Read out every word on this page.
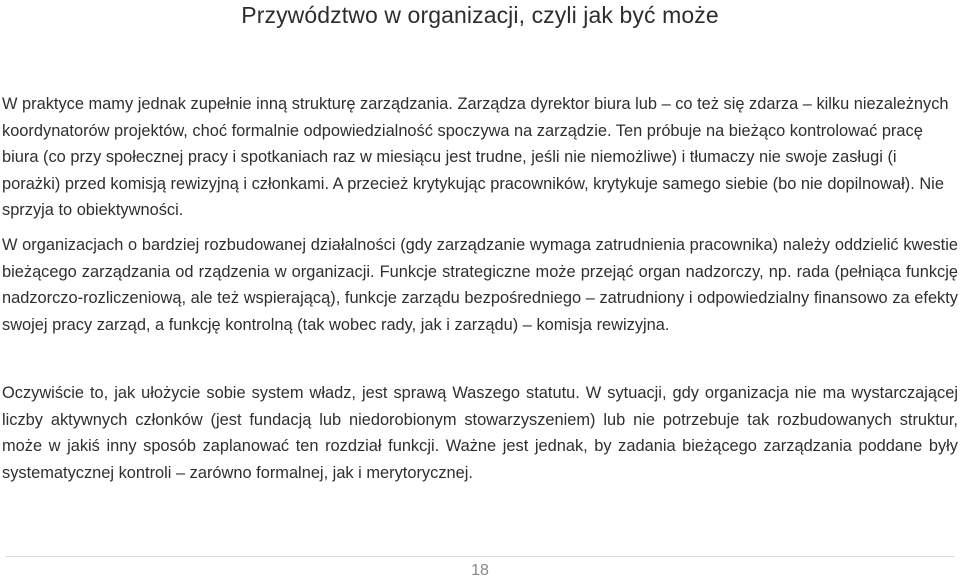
Przywództwo w organizacji, czyli jak być może

W praktyce mamy jednak zupełnie inną strukturę zarządzania. Zarządza dyrektor biura lub – co też się zdarza – kilku niezależnych koordynatorów projektów, choć formalnie odpowiedzialność spoczywa na zarządzie. Ten próbuje na bieżąco kontrolować pracę biura (co przy społecznej pracy i spotkaniach raz w miesiącu jest trudne, jeśli nie niemożliwe) i tłumaczy nie swoje zasługi (i porażki) przed komisją rewizyjną i członkami. A przecież krytykując pracowników, krytykuje samego siebie (bo nie dopilnował). Nie sprzyja to obiektywności.

W organizacjach o bardziej rozbudowanej działalności (gdy zarządzanie wymaga zatrudnienia pracownika) należy oddzielić kwestie bieżącego zarządzania od rządzenia w organizacji. Funkcje strategiczne może przejąć organ nadzorczy, np. rada (pełniąca funkcję nadzorczo-rozliczeniową, ale też wspierającą), funkcje zarządu bezpośredniego – zatrudniony i odpowiedzialny finansowo za efekty swojej pracy zarząd, a funkcję kontrolną (tak wobec rady, jak i zarządu) – komisja rewizyjna.

Oczywiście to, jak ułożycie sobie system władz, jest sprawą Waszego statutu. W sytuacji, gdy organizacja nie ma wystarczającej liczby aktywnych członków (jest fundacją lub niedorobionym stowarzyszeniem) lub nie potrzebuje tak rozbudowanych struktur, może w jakiś inny sposób zaplanować ten rozdział funkcji. Ważne jest jednak, by zadania bieżącego zarządzania poddane były systematycznej kontroli – zarówno formalnej, jak i merytorycznej.

18
